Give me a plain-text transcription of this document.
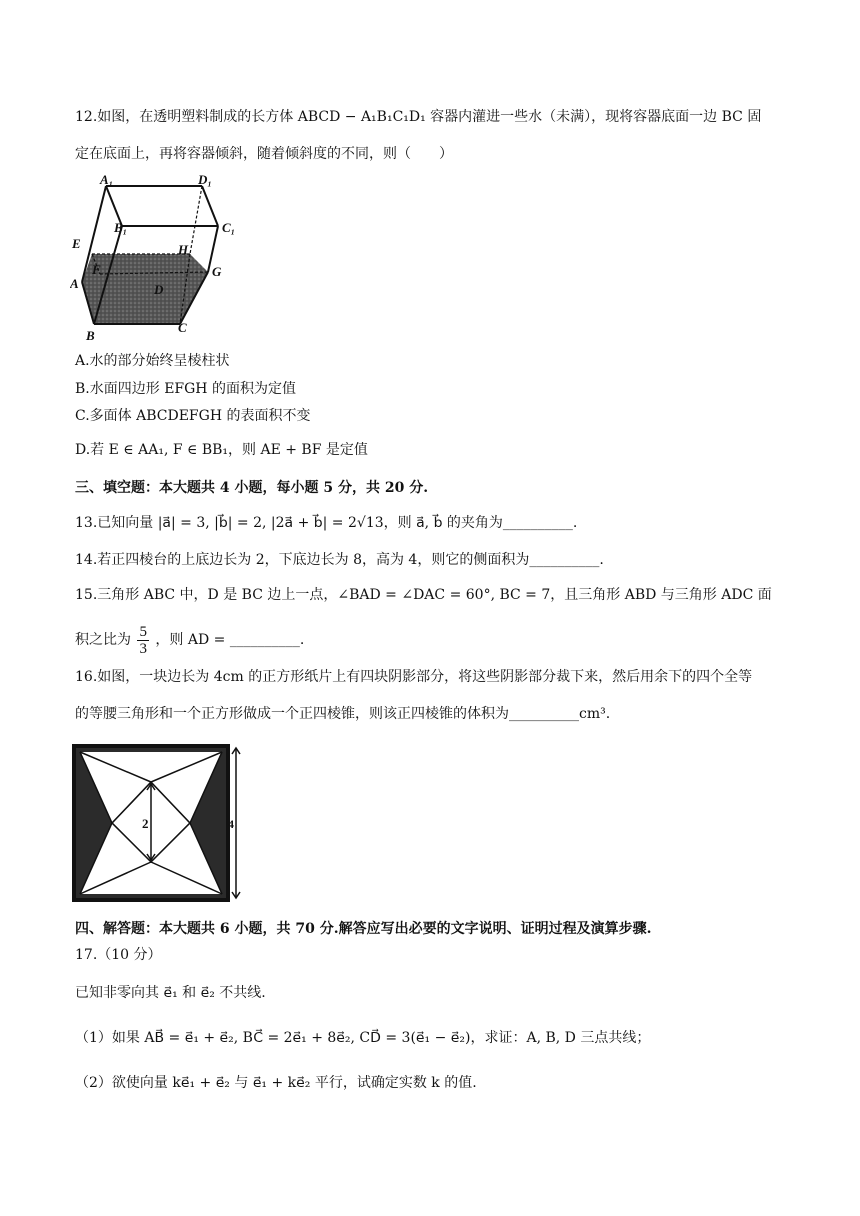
12.如图，在透明塑料制成的长方体 ABCD − A₁B₁C₁D₁ 容器内灌进一些水（未满），现将容器底面一边 BC 固
定在底面上，再将容器倾斜，随着倾斜度的不同，则（　　）
A₁	D₁
B₁	C₁
E	H
G
F
D
A
B
C
A.水的部分始终呈棱柱状
B.水面四边形 EFGH 的面积为定值
C.多面体 ABCDEFGH 的表面积不变
D.若 E ∈ AA₁, F ∈ BB₁，则 AE + BF 是定值
三、填空题：本大题共 4 小题，每小题 5 分，共 20 分.
13.已知向量 |a⃗| = 3, |b⃗| = 2, |2a⃗ + b⃗| = 2√13，则 a⃗, b⃗ 的夹角为__________.
14.若正四棱台的上底边长为 2，下底边长为 8，高为 4，则它的侧面积为__________.
15.三角形 ABC 中，D 是 BC 边上一点，∠BAD = ∠DAC = 60°, BC = 7，且三角形 ABD 与三角形 ADC 面
积之比为 $\frac{5}{3}$ ，则 AD = __________.
16.如图，一块边长为 4cm 的正方形纸片上有四块阴影部分，将这些阴影部分裁下来，然后用余下的四个全等
的等腰三角形和一个正方形做成一个正四棱锥，则该正四棱锥的体积为__________cm³.
2	4
四、解答题：本大题共 6 小题，共 70 分.解答应写出必要的文字说明、证明过程及演算步骤.
17.（10 分）
已知非零向其 e⃗₁ 和 e⃗₂ 不共线.
（1）如果 AB⃗ = e⃗₁ + e⃗₂, BC⃗ = 2e⃗₁ + 8e⃗₂, CD⃗ = 3(e⃗₁ − e⃗₂)，求证：A, B, D 三点共线；
（2）欲使向量 ke⃗₁ + e⃗₂ 与 e⃗₁ + ke⃗₂ 平行，试确定实数 k 的值.
